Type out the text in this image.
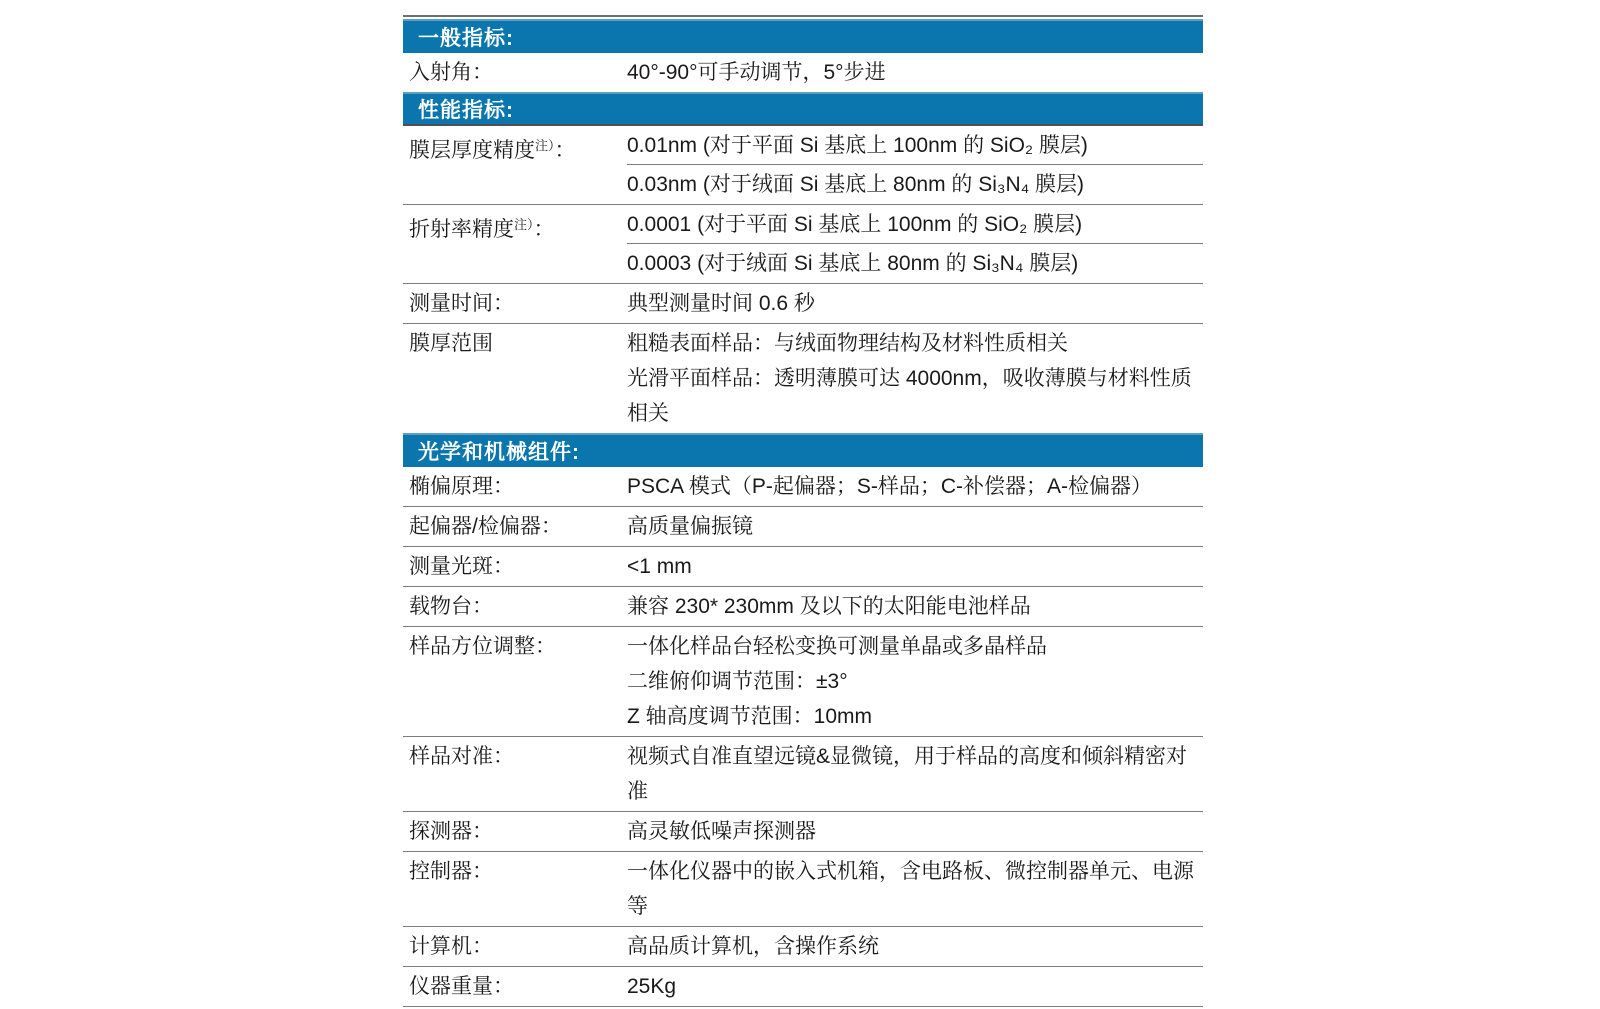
一般指标:
入射角：	40°-90°可手动调节，5°步进
性能指标:
膜层厚度精度$^{注)}$：	0.01nm (对于平面 Si 基底上 100nm 的 SiO₂ 膜层)
0.03nm (对于绒面 Si 基底上 80nm 的 Si₃N₄ 膜层)
折射率精度$^{注)}$：	0.0001 (对于平面 Si 基底上 100nm 的 SiO₂ 膜层)
0.0003 (对于绒面 Si 基底上 80nm 的 Si₃N₄ 膜层)
测量时间：	典型测量时间 0.6 秒
膜厚范围	粗糙表面样品：与绒面物理结构及材料性质相关
光滑平面样品：透明薄膜可达 4000nm，吸收薄膜与材料性质相关
光学和机械组件:
椭偏原理：	PSCA 模式（P-起偏器；S-样品；C-补偿器；A-检偏器）
起偏器/检偏器：	高质量偏振镜
测量光斑：	<1 mm
载物台：	兼容 230* 230mm 及以下的太阳能电池样品
样品方位调整：	一体化样品台轻松变换可测量单晶或多晶样品
二维俯仰调节范围：±3°
Z 轴高度调节范围：10mm
样品对准：	视频式自准直望远镜&显微镜，用于样品的高度和倾斜精密对准
探测器：	高灵敏低噪声探测器
控制器：	一体化仪器中的嵌入式机箱，含电路板、微控制器单元、电源等
计算机：	高品质计算机，含操作系统
仪器重量：	25Kg
